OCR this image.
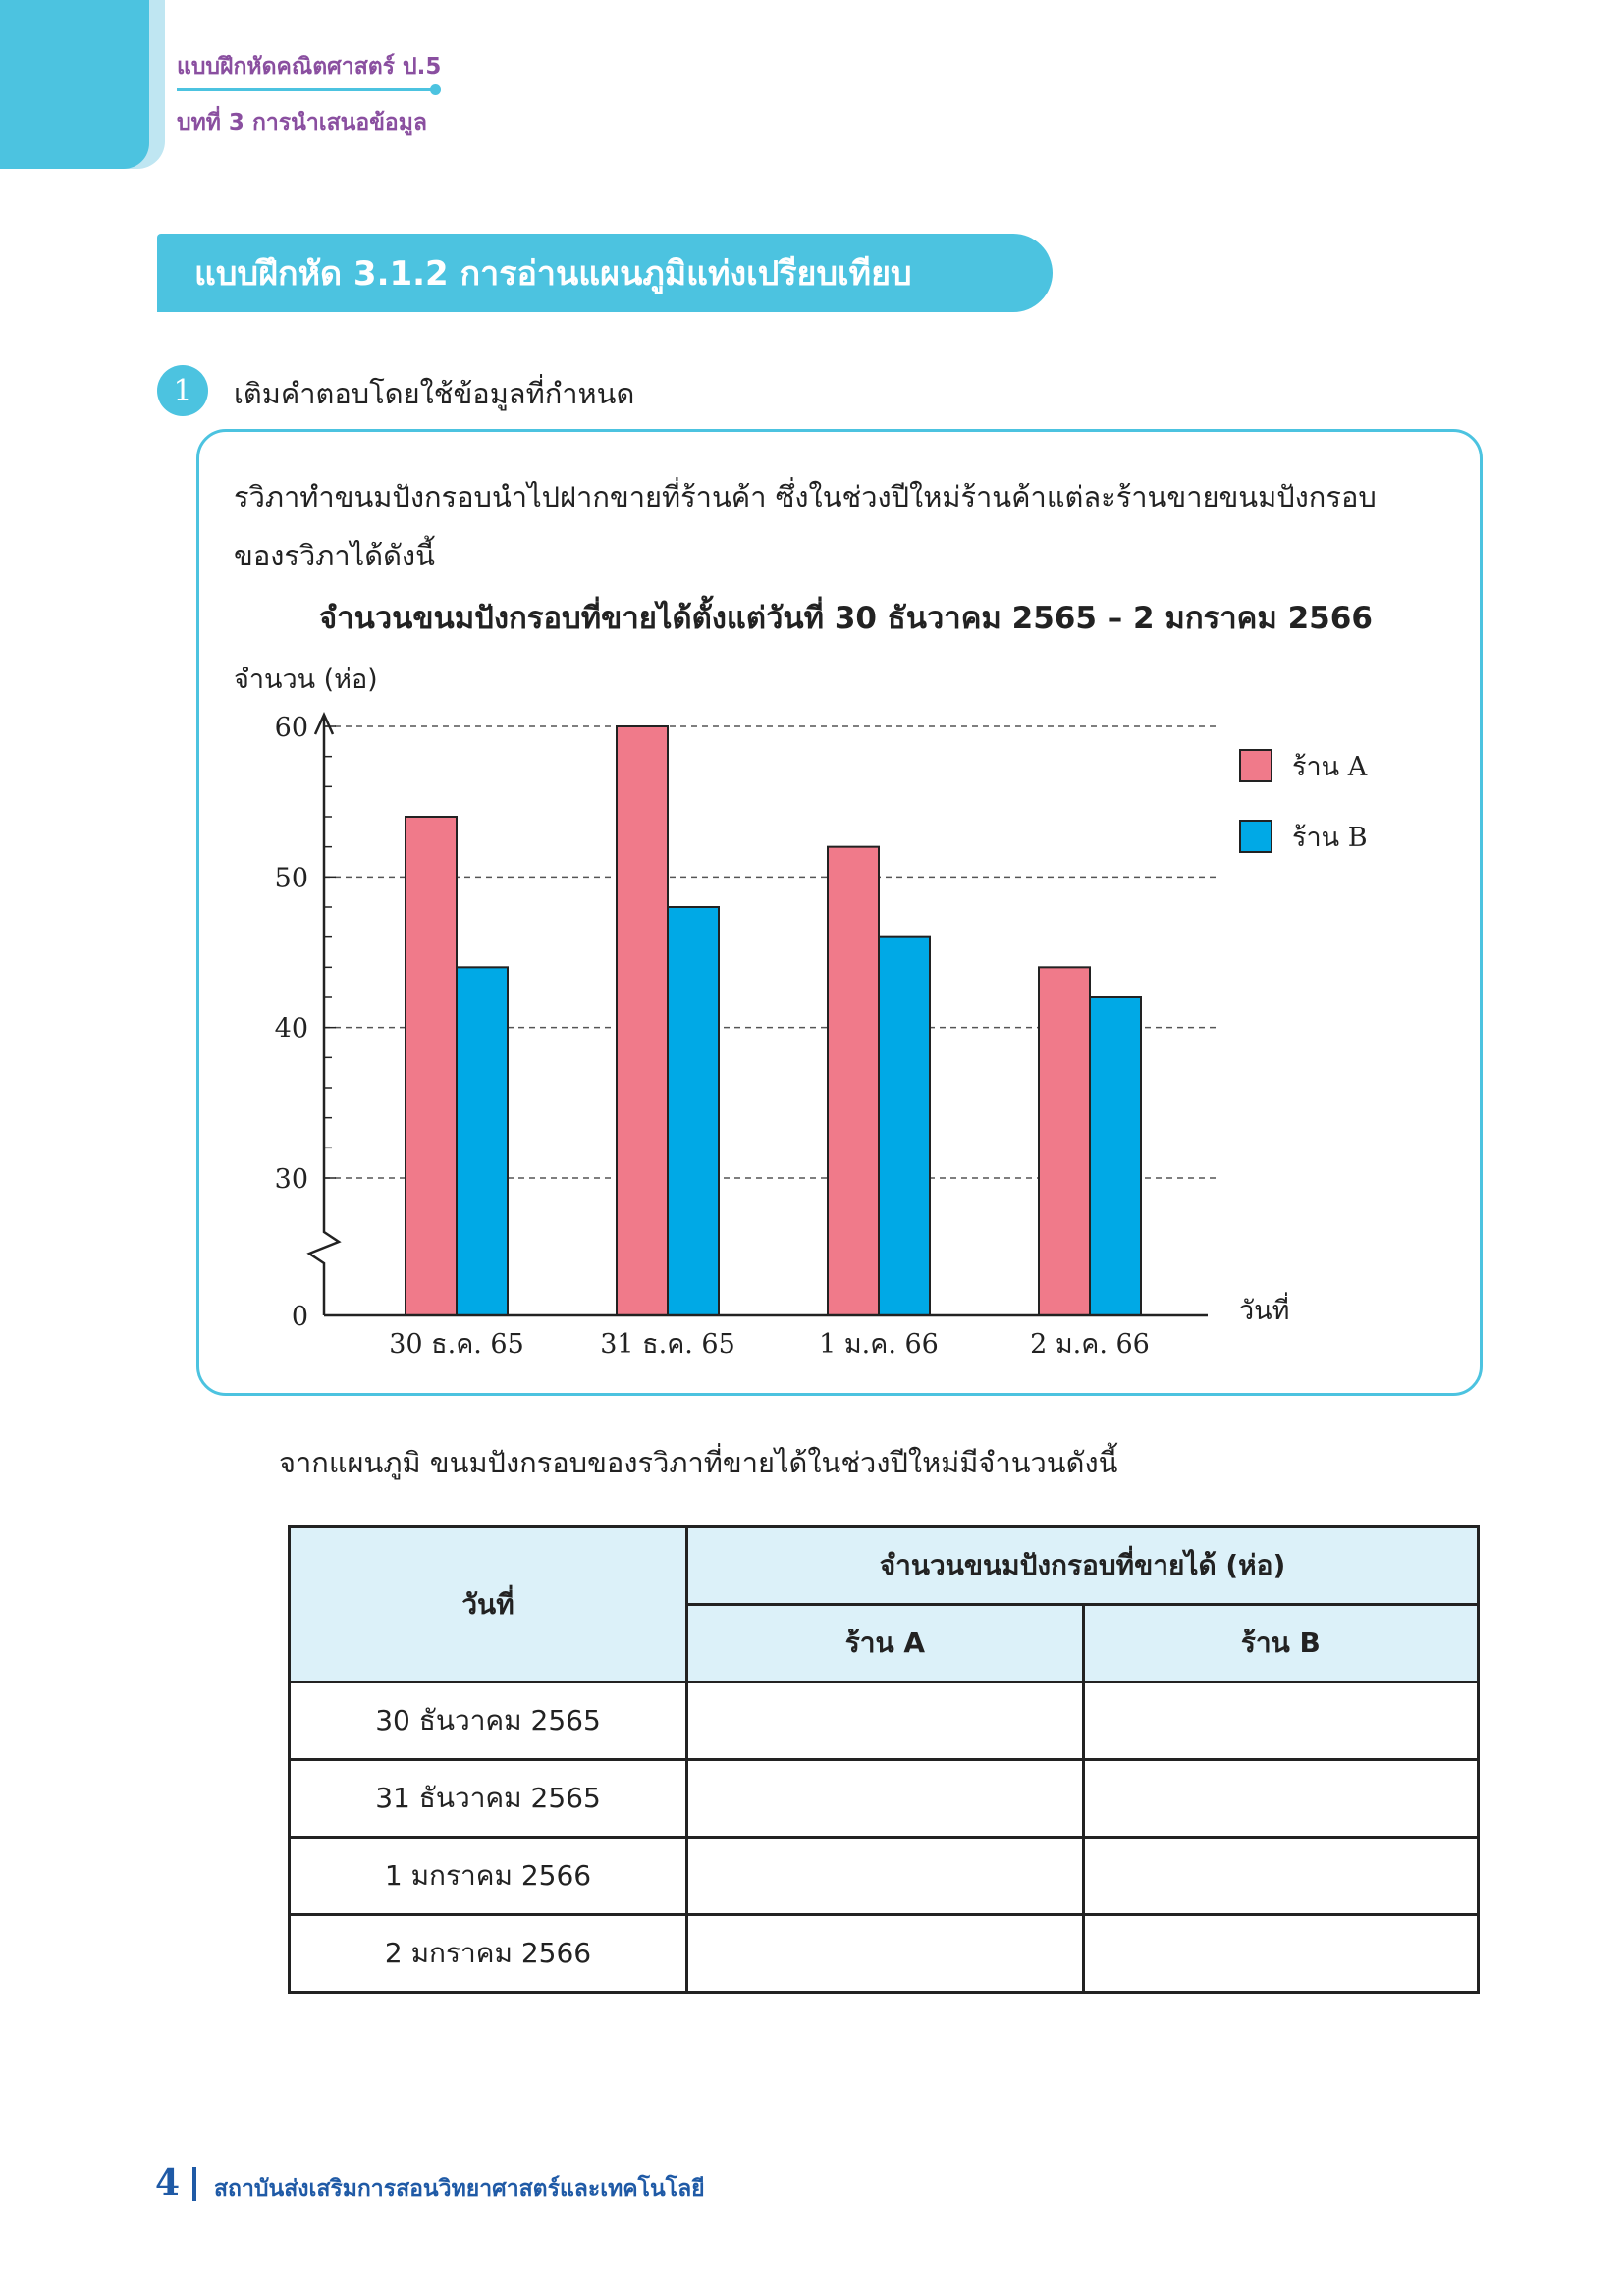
แบบฝึกหัดคณิตศาสตร์ ป.5
บทที่ 3 การนำเสนอข้อมูล
แบบฝึกหัด 3.1.2 การอ่านแผนภูมิแท่งเปรียบเทียบ
1	เติมคำตอบโดยใช้ข้อมูลที่กำหนด
รวิภาทำขนมปังกรอบนำไปฝากขายที่ร้านค้า ซึ่งในช่วงปีใหม่ร้านค้าแต่ละร้านขายขนมปังกรอบ
ของรวิภาได้ดังนี้
จำนวนขนมปังกรอบที่ขายได้ตั้งแต่วันที่ 30 ธันวาคม 2565 – 2 มกราคม 2566
จำนวน (ห่อ)
30 ธ.ค. 65	31 ธ.ค. 65	1 ม.ค. 66	2 ม.ค. 66
0
30
40
50
60
ร้าน A
ร้าน B
วันที่
จากแผนภูมิ ขนมปังกรอบของรวิภาที่ขายได้ในช่วงปีใหม่มีจำนวนดังนี้
วันที่	จำนวนขนมปังกรอบที่ขายได้ (ห่อ)	
	ร้าน A	ร้าน B
30 ธันวาคม 2565		
31 ธันวาคม 2565		
1 มกราคม 2566		
2 มกราคม 2566		
4 สถาบันส่งเสริมการสอนวิทยาศาสตร์และเทคโนโลยี
